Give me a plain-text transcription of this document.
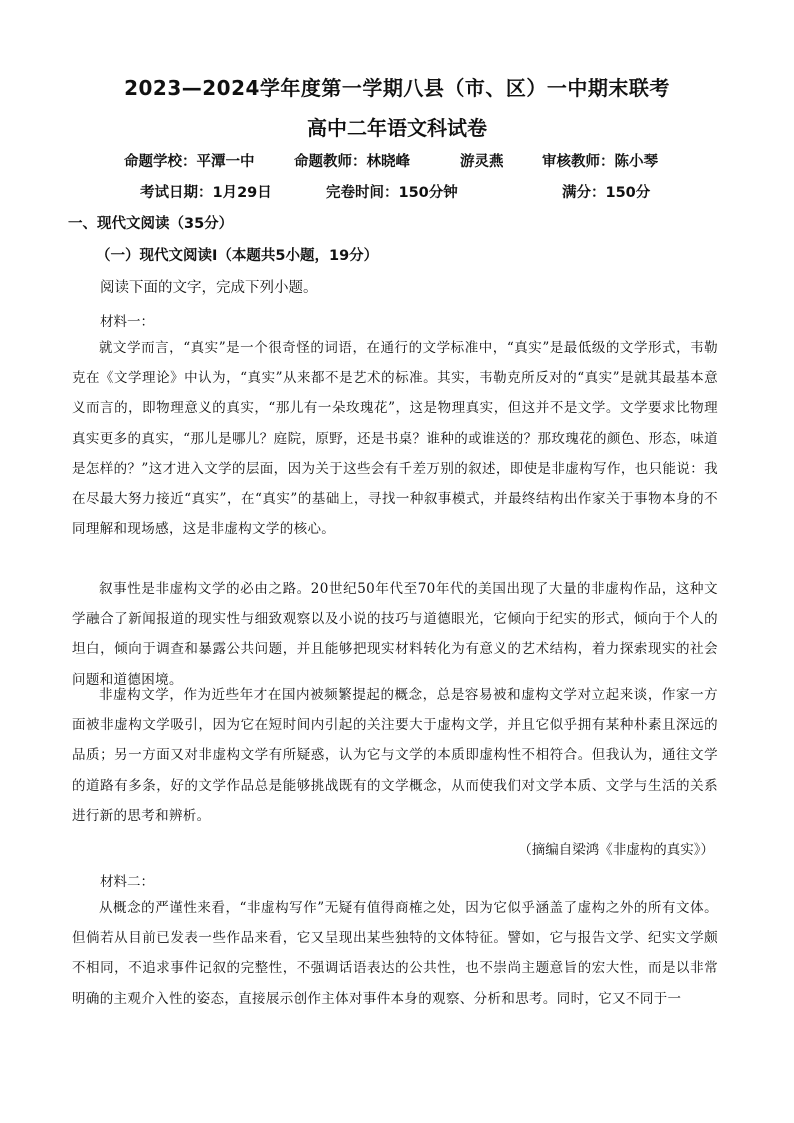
2023—2024学年度第一学期八县（市、区）一中期末联考
高中二年语文科试卷
命题学校：平潭一中	命题教师：林晓峰	游灵燕	审核教师：陈小琴
考试日期：1月29日	完卷时间：150分钟	满分：150分
一、现代文阅读（35分）
（一）现代文阅读Ⅰ（本题共5小题，19分）
阅读下面的文字，完成下列小题。
材料一：
就文学而言，“真实”是一个很奇怪的词语，在通行的文学标准中，“真实”是最低级的文学形式，韦勒克在《文学理论》中认为，“真实”从来都不是艺术的标准。其实，韦勒克所反对的“真实”是就其最基本意义而言的，即物理意义的真实，“那儿有一朵玫瑰花”，这是物理真实，但这并不是文学。文学要求比物理真实更多的真实，“那儿是哪儿？庭院，原野，还是书桌？谁种的或谁送的？那玫瑰花的颜色、形态，味道是怎样的？”这才进入文学的层面，因为关于这些会有千差万别的叙述，即使是非虚构写作，也只能说：我在尽最大努力接近“真实”，在“真实”的基础上，寻找一种叙事模式，并最终结构出作家关于事物本身的不同理解和现场感，这是非虚构文学的核心。
叙事性是非虚构文学的必由之路。20世纪50年代至70年代的美国出现了大量的非虚构作品，这种文学融合了新闻报道的现实性与细致观察以及小说的技巧与道德眼光，它倾向于纪实的形式，倾向于个人的坦白，倾向于调查和暴露公共问题，并且能够把现实材料转化为有意义的艺术结构，着力探索现实的社会问题和道德困境。
非虚构文学，作为近些年才在国内被频繁提起的概念，总是容易被和虚构文学对立起来谈，作家一方面被非虚构文学吸引，因为它在短时间内引起的关注要大于虚构文学，并且它似乎拥有某种朴素且深远的品质；另一方面又对非虚构文学有所疑惑，认为它与文学的本质即虚构性不相符合。但我认为，通往文学的道路有多条，好的文学作品总是能够挑战既有的文学概念，从而使我们对文学本质、文学与生活的关系进行新的思考和辨析。
（摘编自梁鸿《非虚构的真实》）
材料二：
从概念的严谨性来看，“非虚构写作”无疑有值得商榷之处，因为它似乎涵盖了虚构之外的所有文体。但倘若从目前已发表一些作品来看，它又呈现出某些独特的文体特征。譬如，它与报告文学、纪实文学颇不相同，不追求事件记叙的完整性，不强调话语表达的公共性，也不崇尚主题意旨的宏大性，而是以非常明确的主观介入性的姿态，直接展示创作主体对事件本身的观察、分析和思考。同时，它又不同于一
